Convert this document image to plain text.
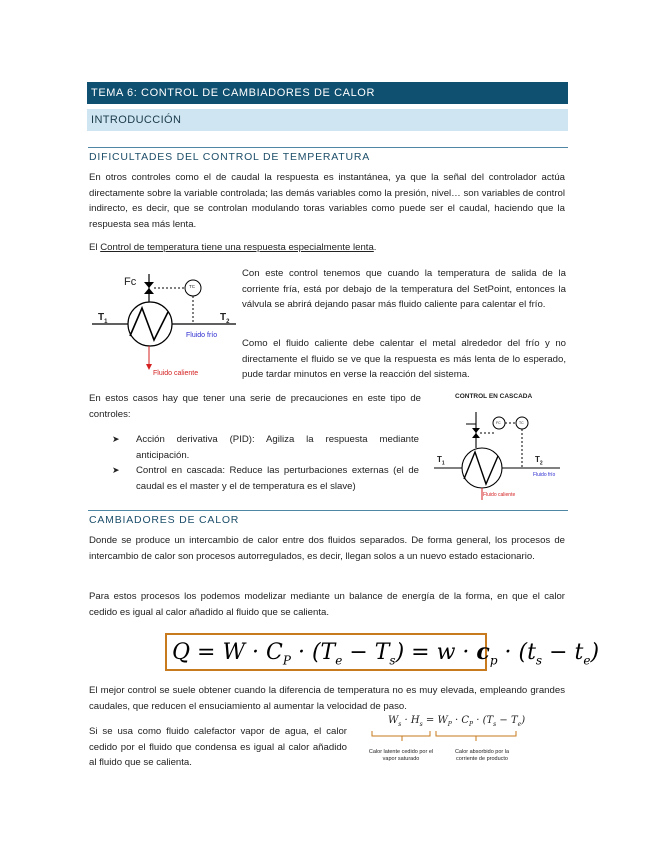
TEMA 6: CONTROL DE CAMBIADORES DE CALOR
INTRODUCCIÓN
DIFICULTADES DEL CONTROL DE TEMPERATURA
En otros controles como el de caudal la respuesta es instantánea, ya que la señal del controlador actúa directamente sobre la variable controlada; las demás variables como la presión, nivel… son variables de control indirecto, es decir, que se controlan modulando toras variables como puede ser el caudal, haciendo que la respuesta sea más lenta.
El Control de temperatura tiene una respuesta especialmente lenta.
Fc	TC
$T_1$	$T_2$
Fluido frío
Fluido caliente
Con este control tenemos que cuando la temperatura de salida de la corriente fría, está por debajo de la temperatura del SetPoint, entonces la válvula se abrirá dejando pasar más fluido caliente para calentar el frío.
Como el fluido caliente debe calentar el metal alrededor del frío y no directamente el fluido se ve que la respuesta es más lenta de lo esperado, pude tardar minutos en verse la reacción del sistema.
En estos casos hay que tener una serie de precauciones en este tipo de controles:
➤ Acción derivativa (PID): Agiliza la respuesta mediante anticipación.
➤ Control en cascada: Reduce las perturbaciones externas (el de caudal es el master y el de temperatura es el slave)
CONTROL EN CASCADA
FC	TC
$T_1$	$T_2$
Fluido frío
Fluido caliente
CAMBIADORES DE CALOR
Donde se produce un intercambio de calor entre dos fluidos separados. De forma general, los procesos de intercambio de calor son procesos autorregulados, es decir, llegan solos a un nuevo estado estacionario.
Para estos procesos los podemos modelizar mediante un balance de energía de la forma, en que el calor cedido es igual al calor añadido al fluido que se calienta.
$Q = W \cdot C_P \cdot (T_e - T_s) = w \cdot c_p \cdot (t_s - t_e)$
El mejor control se suele obtener cuando la diferencia de temperatura no es muy elevada, empleando grandes caudales, que reducen el ensuciamiento al aumentar la velocidad de paso.
Si se usa como fluido calefactor vapor de agua, el calor cedido por el fluido que condensa es igual al calor añadido al fluido que se calienta.
$W_s \cdot H_s = W_P \cdot C_P \cdot (T_s - T_e)$
Calor latente cedido por el vapor saturado
Calor absorbido por la corriente de producto
